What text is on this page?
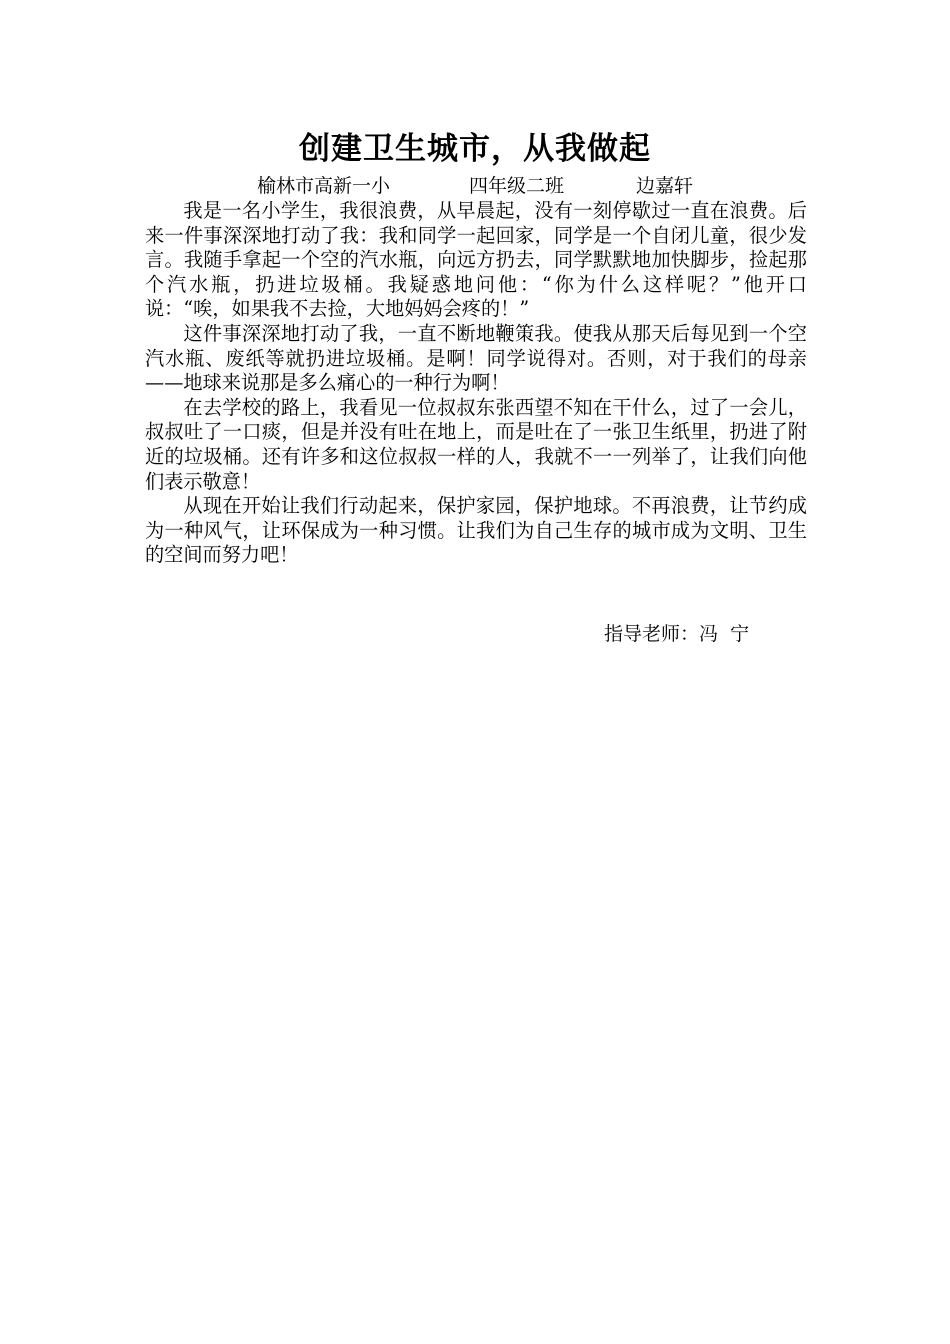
创建卫生城市，从我做起
榆林市高新一小	四年级二班	边嘉轩

我是一名小学生，我很浪费，从早晨起，没有一刻停歇过一直在浪费。后来一件事深深地打动了我：我和同学一起回家，同学是一个自闭儿童，很少发言。我随手拿起一个空的汽水瓶，向远方扔去，同学默默地加快脚步，捡起那个汽水瓶，扔进垃圾桶。我疑惑地问他：“你为什么这样呢？”他开口说：“唉，如果我不去捡，大地妈妈会疼的！”

这件事深深地打动了我，一直不断地鞭策我。使我从那天后每见到一个空汽水瓶、废纸等就扔进垃圾桶。是啊！同学说得对。否则，对于我们的母亲——地球来说那是多么痛心的一种行为啊！

在去学校的路上，我看见一位叔叔东张西望不知在干什么，过了一会儿，叔叔吐了一口痰，但是并没有吐在地上，而是吐在了一张卫生纸里，扔进了附近的垃圾桶。还有许多和这位叔叔一样的人，我就不一一列举了，让我们向他们表示敬意！

从现在开始让我们行动起来，保护家园，保护地球。不再浪费，让节约成为一种风气，让环保成为一种习惯。让我们为自己生存的城市成为文明、卫生的空间而努力吧！

指导老师：冯  宁
